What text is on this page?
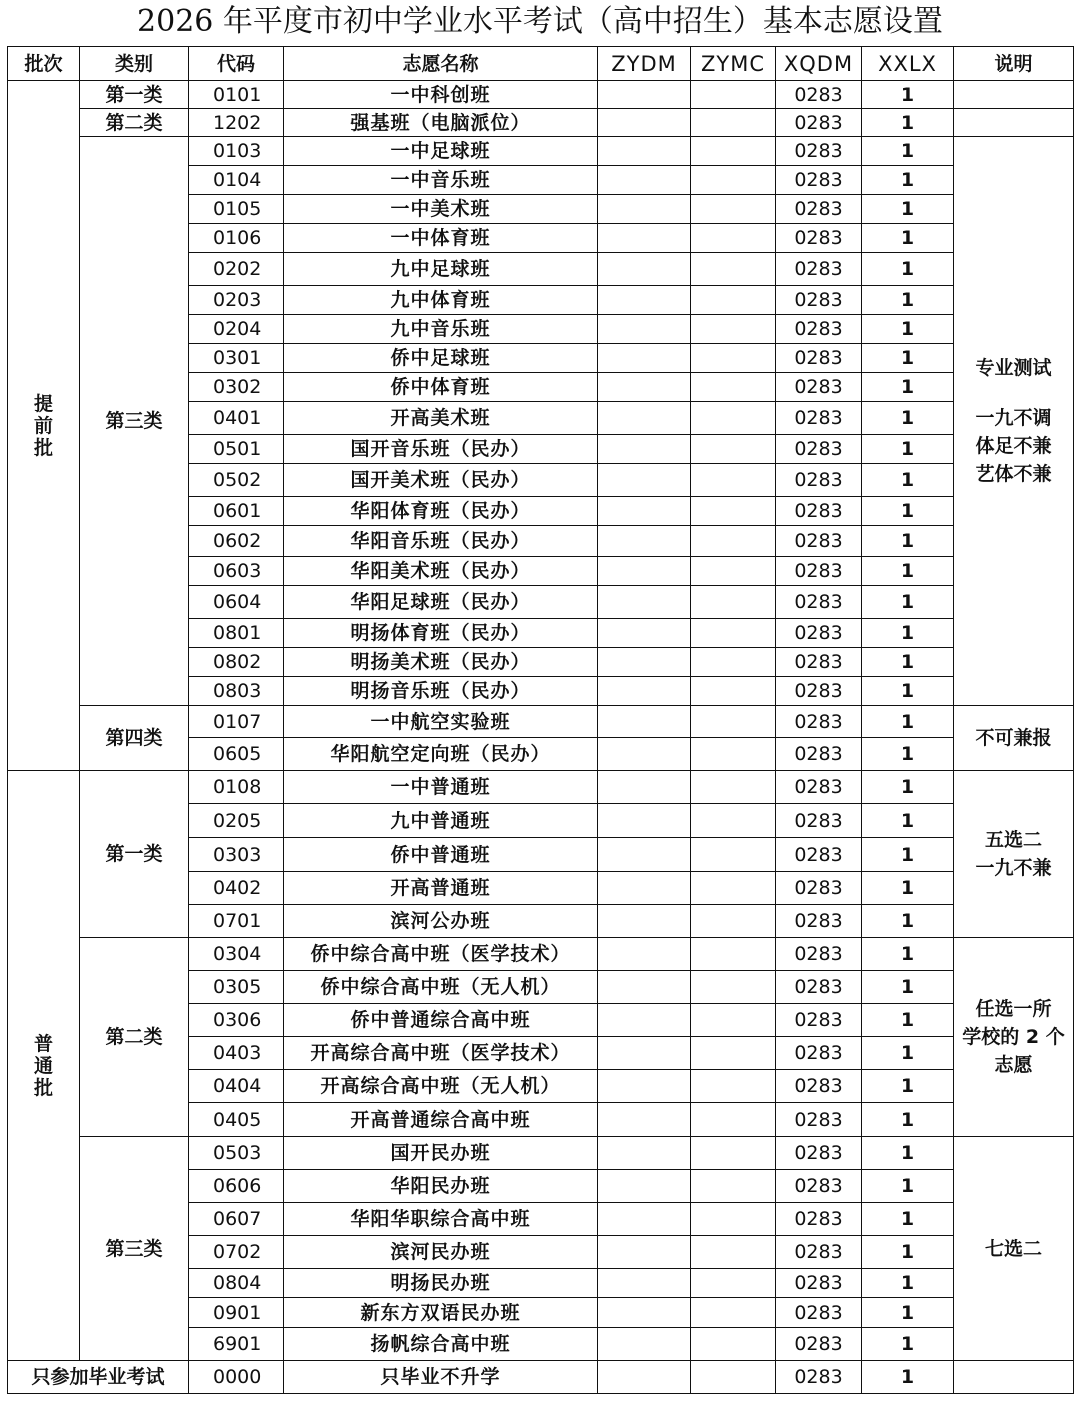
2026 年平度市初中学业水平考试（高中招生）基本志愿设置
批次	类别	代码	志愿名称	ZYDM	ZYMC	XQDM	XXLX	说明

提前批	第一类	0101	一中科创班			0283	1	
	第二类	1202	强基班（电脑派位）			0283	1	
	第三类	0103	一中足球班			0283	1	专业测试
一九不调
体足不兼
艺体不兼

		0104	一中音乐班			0283	1	
		0105	一中美术班			0283	1	
		0106	一中体育班			0283	1	
		0202	九中足球班			0283	1	
		0203	九中体育班			0283	1	
		0204	九中音乐班			0283	1	
		0301	侨中足球班			0283	1	
		0302	侨中体育班			0283	1	
		0401	开高美术班			0283	1	
		0501	国开音乐班（民办）			0283	1	
		0502	国开美术班（民办）			0283	1	
		0601	华阳体育班（民办）			0283	1	
		0602	华阳音乐班（民办）			0283	1	
		0603	华阳美术班（民办）			0283	1	
		0604	华阳足球班（民办）			0283	1	
		0801	明扬体育班（民办）			0283	1	
		0802	明扬美术班（民办）			0283	1	
		0803	明扬音乐班（民办）			0283	1	
	第四类	0107	一中航空实验班			0283	1	不可兼报

		0605	华阳航空定向班（民办）			0283	1	

普通批	第一类	0108	一中普通班			0283	1	五选二
一九不兼

		0205	九中普通班			0283	1	
		0303	侨中普通班			0283	1	
		0402	开高普通班			0283	1	
		0701	滨河公办班			0283	1	
	第二类	0304	侨中综合高中班（医学技术）			0283	1	任选一所
学校的 2 个
志愿

		0305	侨中综合高中班（无人机）			0283	1	
		0306	侨中普通综合高中班			0283	1	
		0403	开高综合高中班（医学技术）			0283	1	
		0404	开高综合高中班（无人机）			0283	1	
		0405	开高普通综合高中班			0283	1	
	第三类	0503	国开民办班			0283	1	七选二

		0606	华阳民办班			0283	1	
		0607	华阳华职综合高中班			0283	1	
		0702	滨河民办班			0283	1	
		0804	明扬民办班			0283	1	
		0901	新东方双语民办班			0283	1	
		6901	扬帆综合高中班			0283	1	
只参加毕业考试		0000	只毕业不升学			0283	1	
